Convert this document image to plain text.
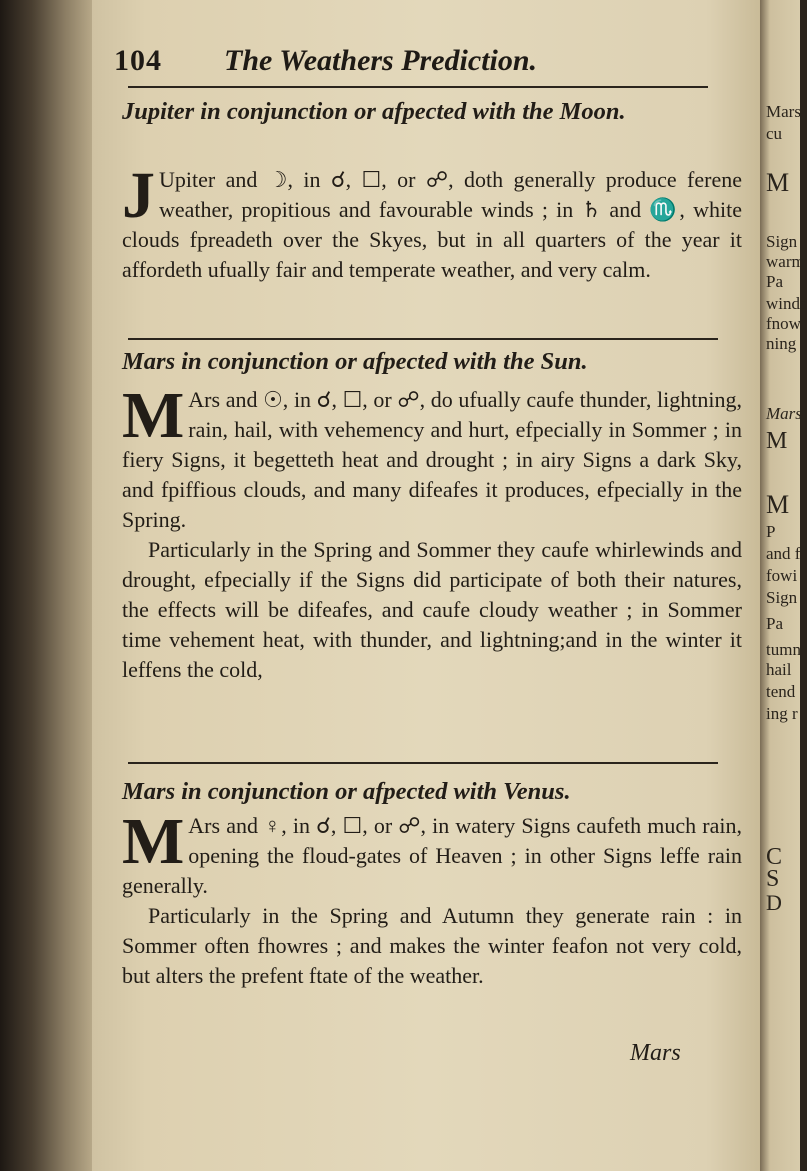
104 The Weathers Prediction.
Jupiter in conjunction or afpected with the Moon.
J Upiter and ☽, in ☌, ☐, or ☍, doth generally produce ferene weather, propitious and favourable winds ; in ♄ and ♏, white clouds fpreadeth over the Skyes, but in all quarters of the year it affordeth ufually fair and temperate weather, and very calm.

Mars in conjunction or afpected with the Sun.
M Ars and ☉, in ☌, ☐, or ☍, do ufually caufe thunder, lightning, rain, hail, with vehemency and hurt, efpecially in Sommer ; in fiery Signs, it begetteth heat and drought ; in airy Signs a dark Sky, and fpiffious clouds, and many difeafes it produces, efpecially in the Spring.

Particularly in the Spring and Sommer they caufe whirlewinds and drought, efpecially if the Signs did participate of both their natures, the effects will be difeafes, and caufe cloudy weather ; in Sommer time vehement heat, with thunder, and lightning;and in the winter it leffens the cold,

Mars in conjunction or afpected with Venus.
M Ars and ♀, in ☌, ☐, or ☍, in watery Signs caufeth much rain, opening the floud-gates of Heaven ; in other Signs leffe rain generally.

Particularly in the Spring and Autumn they generate rain : in Sommer often fhowres ; and makes the winter feafon not very cold, but alters the prefent ftate of the weather.

Mars
Mars
cu
M
Sign
warm
Pa
winds
fnow
ning
Mars
M
M
P
and f
fowi
Sign
Pa
tumn
hail
tend
ing r
C
S
D
